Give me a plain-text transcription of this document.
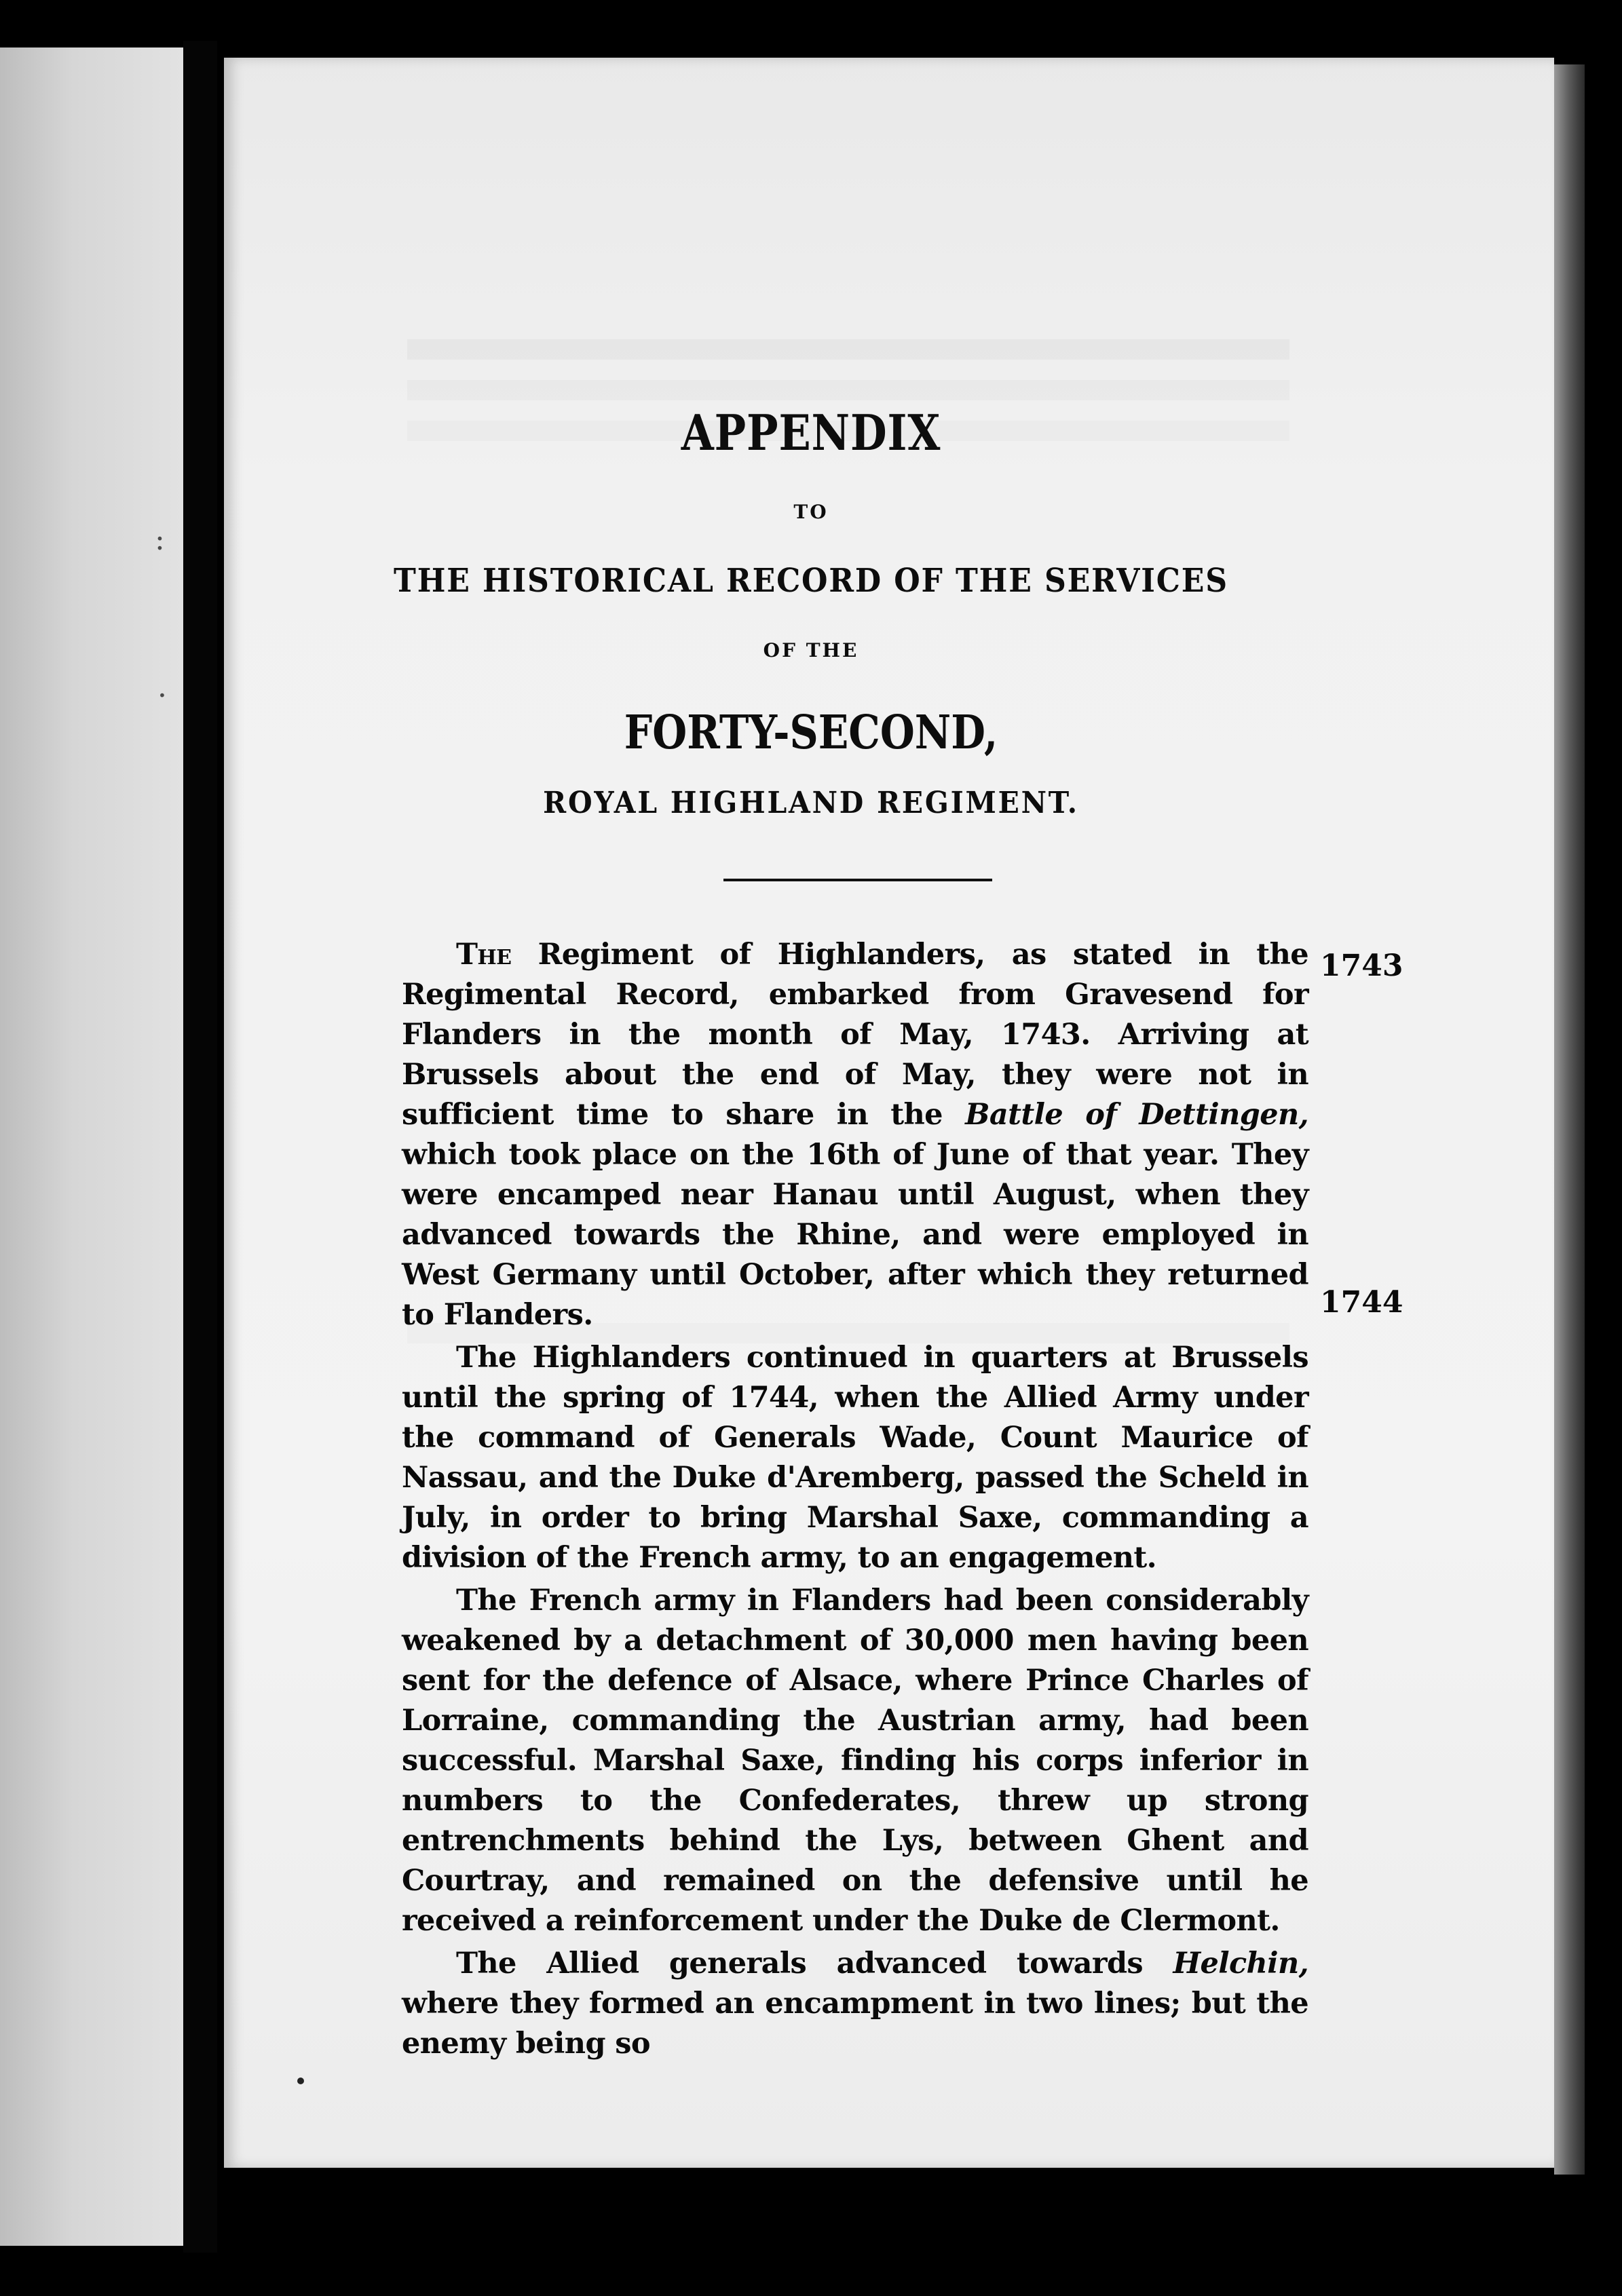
:
·
APPENDIX
TO
THE HISTORICAL RECORD OF THE SERVICES
OF THE
FORTY-SECOND,
ROYAL HIGHLAND REGIMENT.
1743
1744

The Regiment of Highlanders, as stated in the Regimental Record, embarked from Gravesend for Flanders in the month of May, 1743. Arriving at Brussels about the end of May, they were not in sufficient time to share in the Battle of Dettingen, which took place on the 16th of June of that year. They were encamped near Hanau until August, when they advanced towards the Rhine, and were employed in West Germany until October, after which they returned to Flanders.

The Highlanders continued in quarters at Brussels until the spring of 1744, when the Allied Army under the command of Generals Wade, Count Maurice of Nassau, and the Duke d'Aremberg, passed the Scheld in July, in order to bring Marshal Saxe, commanding a division of the French army, to an engagement.

The French army in Flanders had been considerably weakened by a detachment of 30,000 men having been sent for the defence of Alsace, where Prince Charles of Lorraine, commanding the Austrian army, had been successful. Marshal Saxe, finding his corps inferior in numbers to the Confederates, threw up strong entrenchments behind the Lys, between Ghent and Courtray, and remained on the defensive until he received a reinforcement under the Duke de Clermont.

The Allied generals advanced towards Helchin, where they formed an encampment in two lines; but the enemy being so
